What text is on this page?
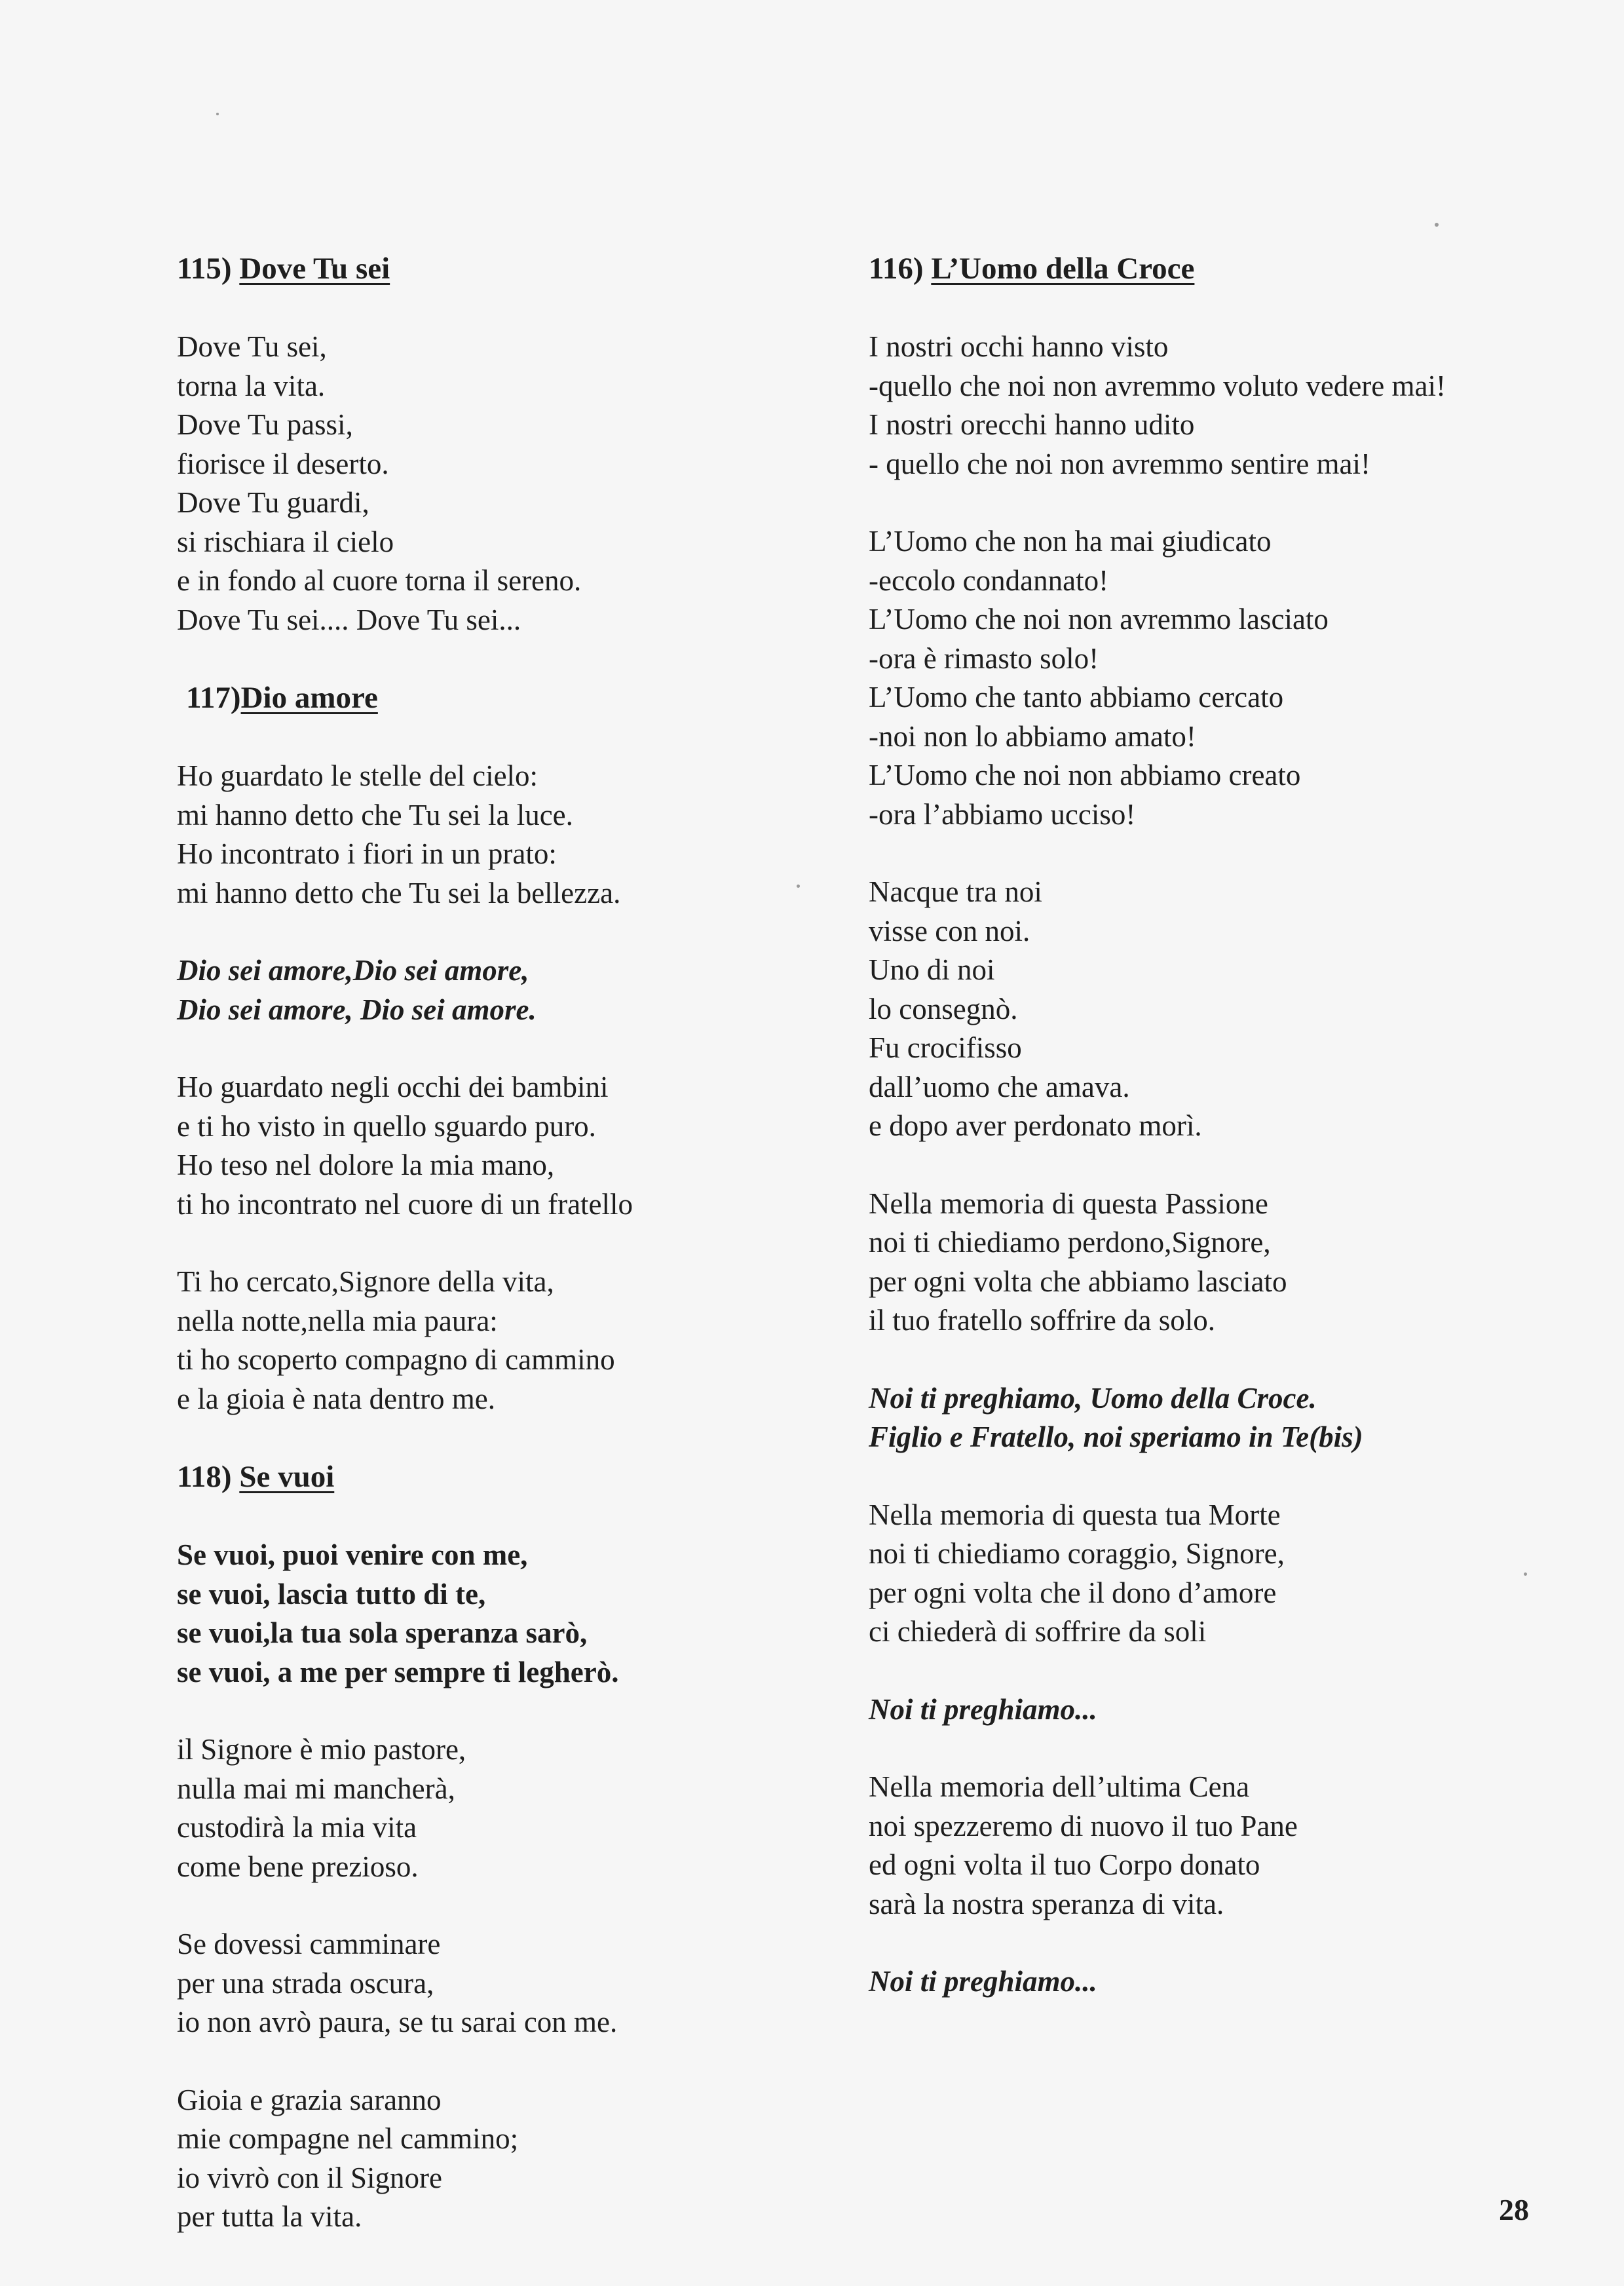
115) Dove Tu sei

Dove Tu sei,
torna la vita.
Dove Tu passi,
fiorisce il deserto.
Dove Tu guardi,
si rischiara il cielo
e in fondo al cuore torna il sereno.
Dove Tu sei.... Dove Tu sei...

117)Dio amore

Ho guardato le stelle del cielo:
mi hanno detto che Tu sei la luce.
Ho incontrato i fiori in un prato:
mi hanno detto che Tu sei la bellezza.
Dio sei amore,Dio sei amore,
Dio sei amore, Dio sei amore.
Ho guardato negli occhi dei bambini
e ti ho visto in quello sguardo puro.
Ho teso nel dolore la mia mano,
ti ho incontrato nel cuore di un fratello
Ti ho cercato,Signore della vita,
nella notte,nella mia paura:
ti ho scoperto compagno di cammino
e la gioia è nata dentro me.

118) Se vuoi

Se vuoi, puoi venire con me,
se vuoi, lascia tutto di te,
se vuoi,la tua sola speranza sarò,
se vuoi, a me per sempre ti legherò.
il Signore è mio pastore,
nulla mai mi mancherà,
custodirà la mia vita
come bene prezioso.
Se dovessi camminare
per una strada oscura,
io non avrò paura, se tu sarai con me.
Gioia e grazia saranno
mie compagne nel cammino;
io vivrò con il Signore
per tutta la vita.

116) L’Uomo della Croce

I nostri occhi hanno visto
-quello che noi non avremmo voluto vedere mai!
I nostri orecchi hanno udito
- quello che noi non avremmo sentire mai!
L’Uomo che non ha mai giudicato
-eccolo condannato!
L’Uomo che noi non avremmo lasciato
-ora è rimasto solo!
L’Uomo che tanto abbiamo cercato
-noi non lo abbiamo amato!
L’Uomo che noi non abbiamo creato
-ora l’abbiamo ucciso!
Nacque tra noi
visse con noi.
Uno di noi
lo consegnò.
Fu crocifisso
dall’uomo che amava.
e dopo aver perdonato morì.
Nella memoria di questa Passione
noi ti chiediamo perdono,Signore,
per ogni volta che abbiamo lasciato
il tuo fratello soffrire da solo.
Noi ti preghiamo, Uomo della Croce.
Figlio e Fratello, noi speriamo in Te(bis)
Nella memoria di questa tua Morte
noi ti chiediamo coraggio, Signore,
per ogni volta che il dono d’amore
ci chiederà di soffrire da soli
Noi ti preghiamo...
Nella memoria dell’ultima Cena
noi spezzeremo di nuovo il tuo Pane
ed ogni volta il tuo Corpo donato
sarà la nostra speranza di vita.
Noi ti preghiamo...
28
